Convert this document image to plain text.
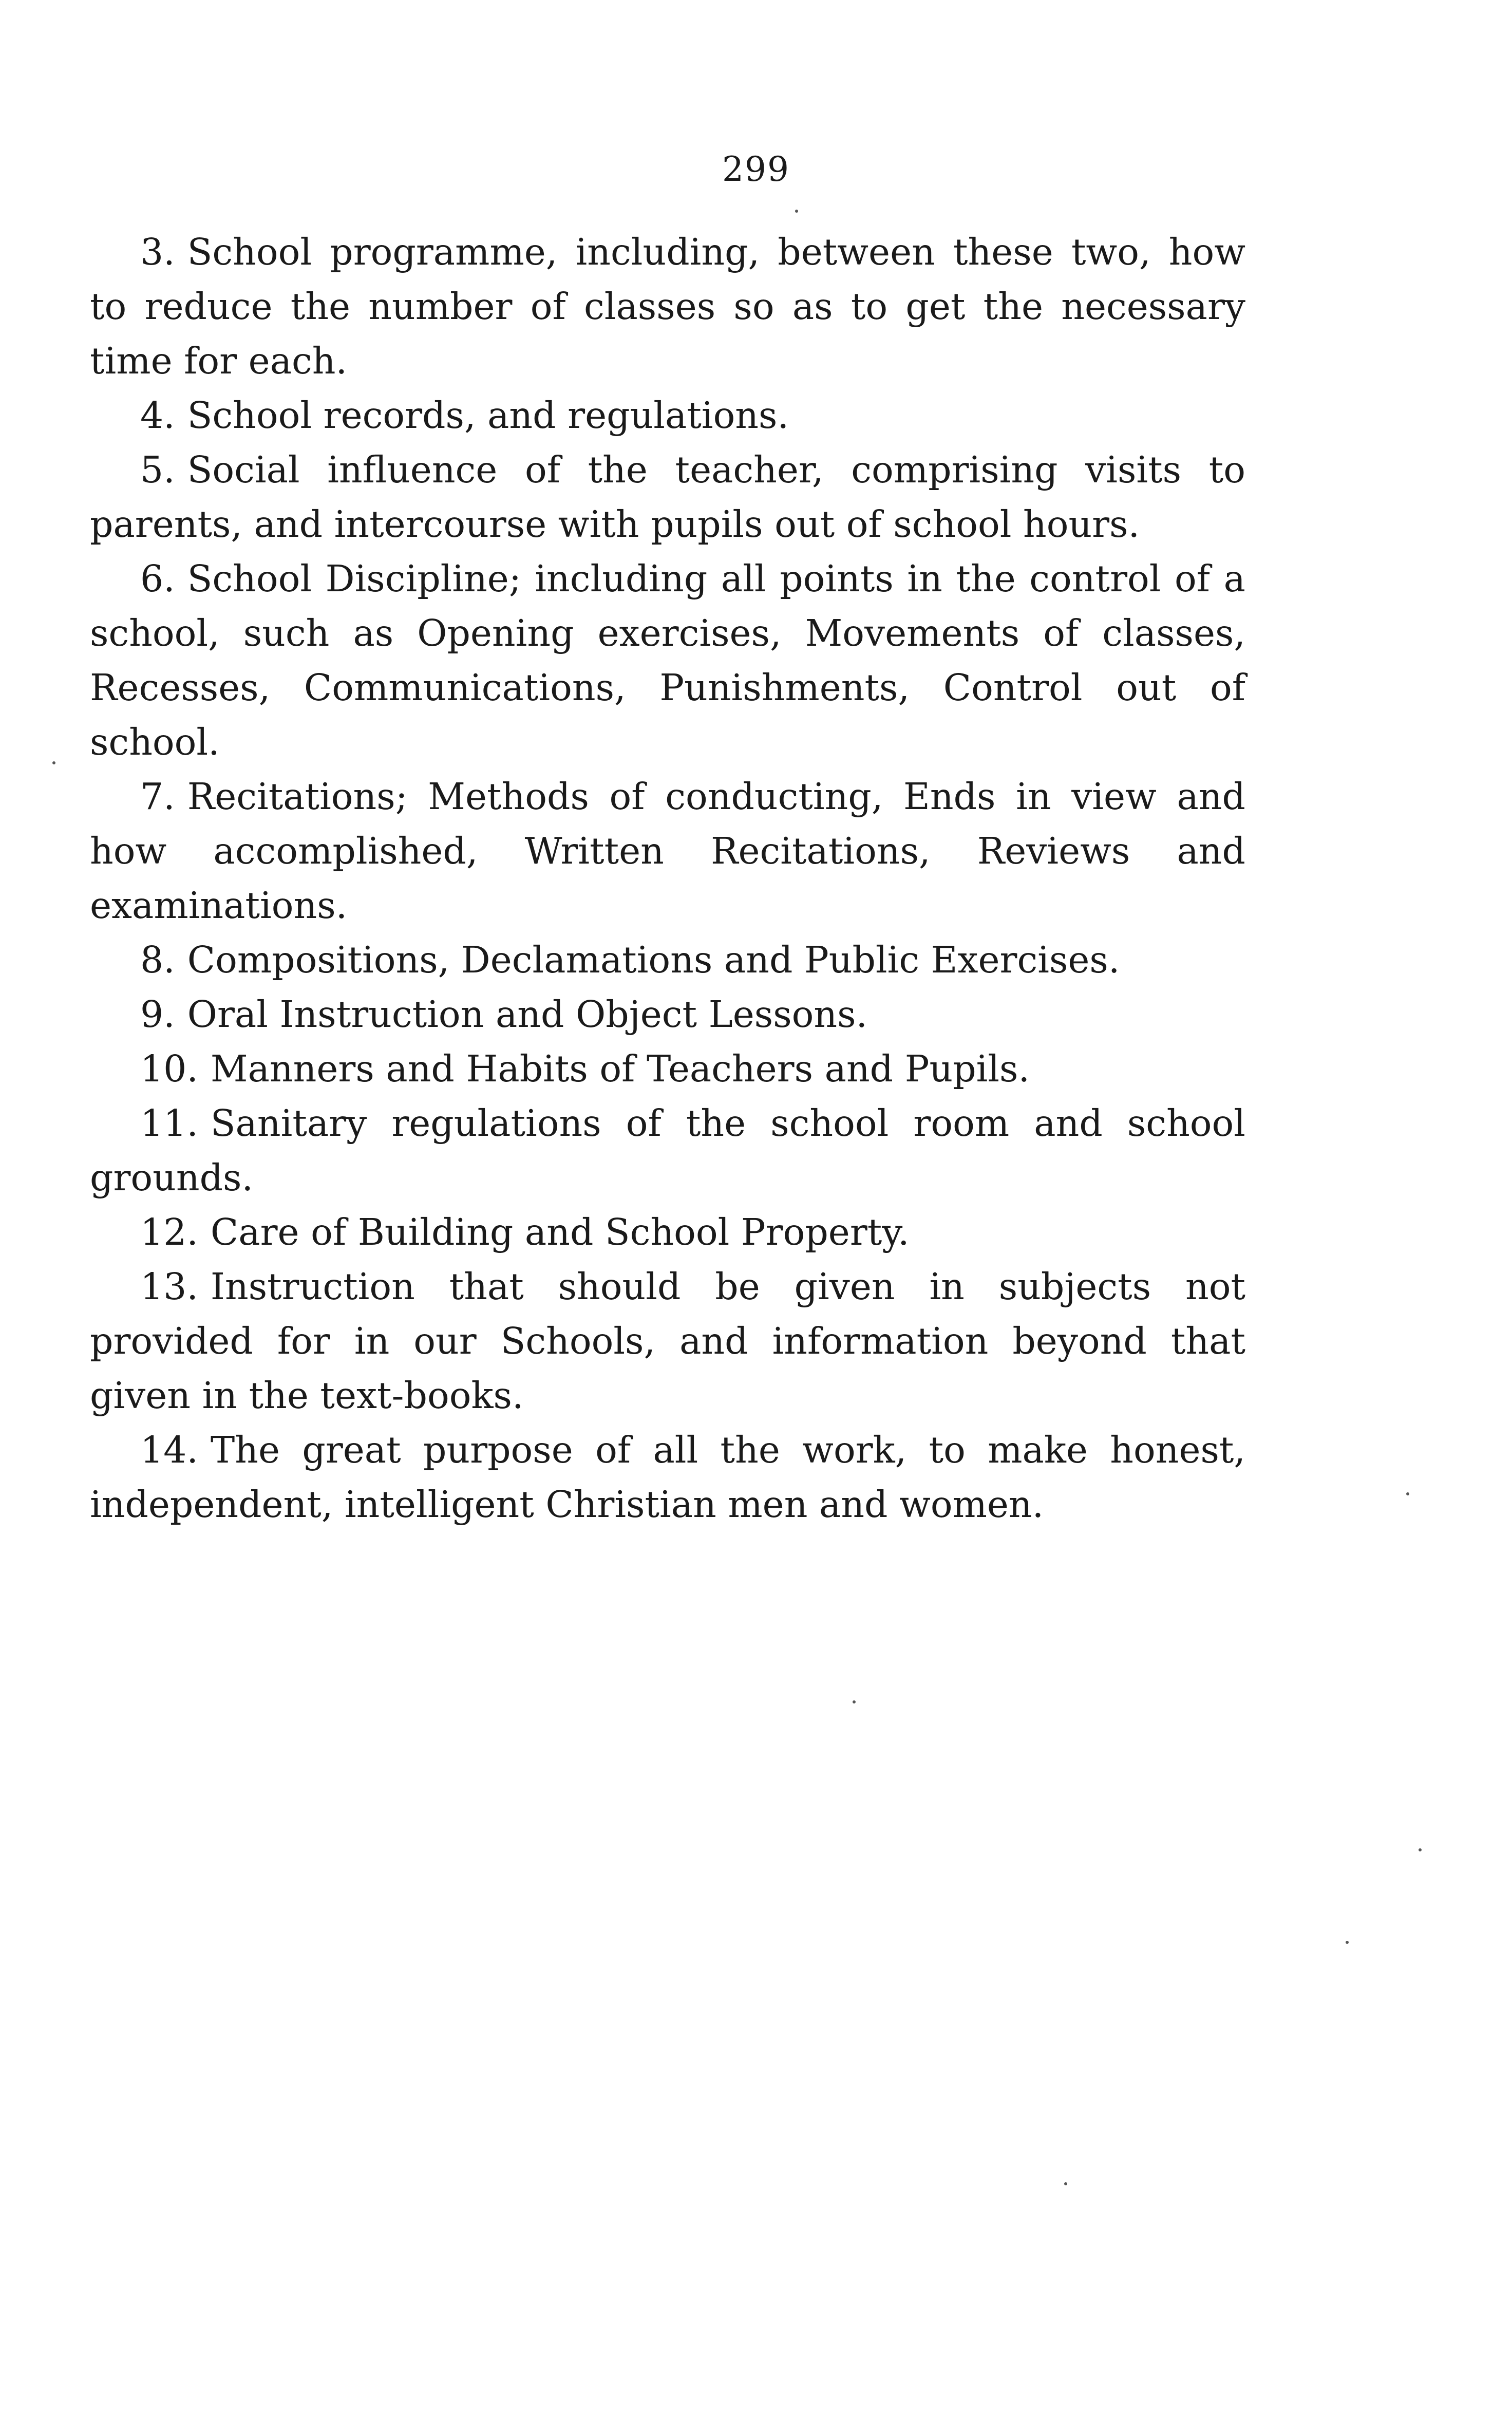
299

3. School programme, including, between these two, how to reduce the number of classes so as to get the necessary time for each.

4. School records, and regulations.

5. Social influence of the teacher, comprising visits to parents, and intercourse with pupils out of school hours.

6. School Discipline; including all points in the control of a school, such as Opening exercises, Movements of classes, Recesses, Communications, Punishments, Control out of school.

7. Recitations; Methods of conducting, Ends in view and how accomplished, Written Recitations, Reviews and examinations.

8. Compositions, Declamations and Public Exercises.

9. Oral Instruction and Object Lessons.

10. Manners and Habits of Teachers and Pupils.

11. Sanitary regulations of the school room and school grounds.

12. Care of Building and School Property.

13. Instruction that should be given in subjects not provided for in our Schools, and information beyond that given in the text-books.

14. The great purpose of all the work, to make honest, independent, intelligent Christian men and women.
